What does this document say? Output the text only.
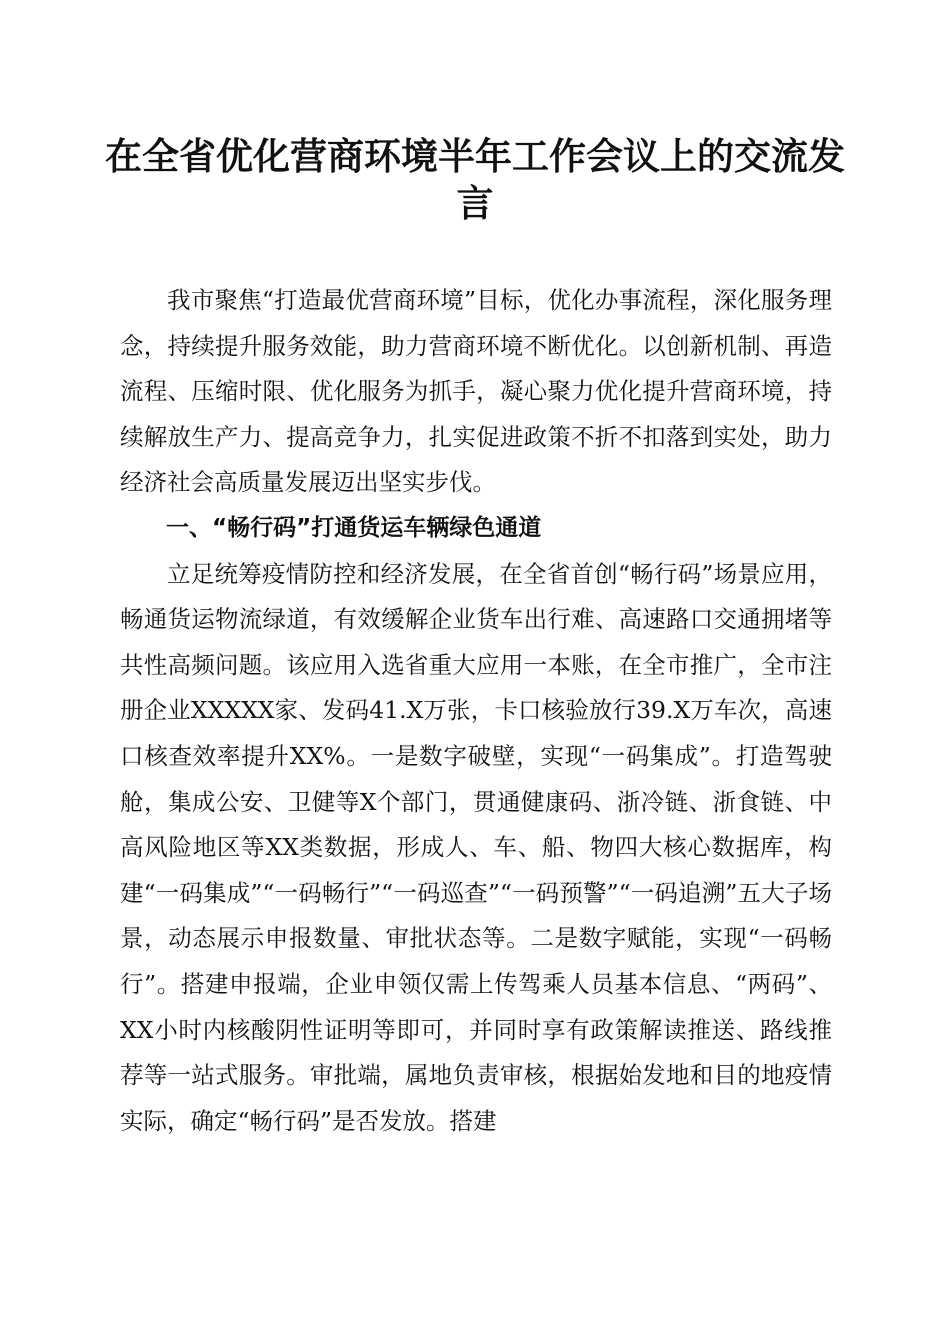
在全省优化营商环境半年工作会议上的交流发言

我市聚焦“打造最优营商环境”目标，优化办事流程，深化服务理念，持续提升服务效能，助力营商环境不断优化。以创新机制、再造流程、压缩时限、优化服务为抓手，凝心聚力优化提升营商环境，持续解放生产力、提高竞争力，扎实促进政策不折不扣落到实处，助力经济社会高质量发展迈出坚实步伐。

一、“畅行码”打通货运车辆绿色通道

立足统筹疫情防控和经济发展，在全省首创“畅行码”场景应用，畅通货运物流绿道，有效缓解企业货车出行难、高速路口交通拥堵等共性高频问题。该应用入选省重大应用一本账，在全市推广，全市注册企业XXXXX家、发码41.X万张，卡口核验放行39.X万车次，高速口核查效率提升XX%。一是数字破壁，实现“一码集成”。打造驾驶舱，集成公安、卫健等X个部门，贯通健康码、浙冷链、浙食链、中高风险地区等XX类数据，形成人、车、船、物四大核心数据库，构建“一码集成”“一码畅行”“一码巡查”“一码预警”“一码追溯”五大子场景，动态展示申报数量、审批状态等。二是数字赋能，实现“一码畅行”。搭建申报端，企业申领仅需上传驾乘人员基本信息、“两码”、XX小时内核酸阴性证明等即可，并同时享有政策解读推送、路线推荐等一站式服务。审批端，属地负责审核，根据始发地和目的地疫情实际，确定“畅行码”是否发放。搭建
